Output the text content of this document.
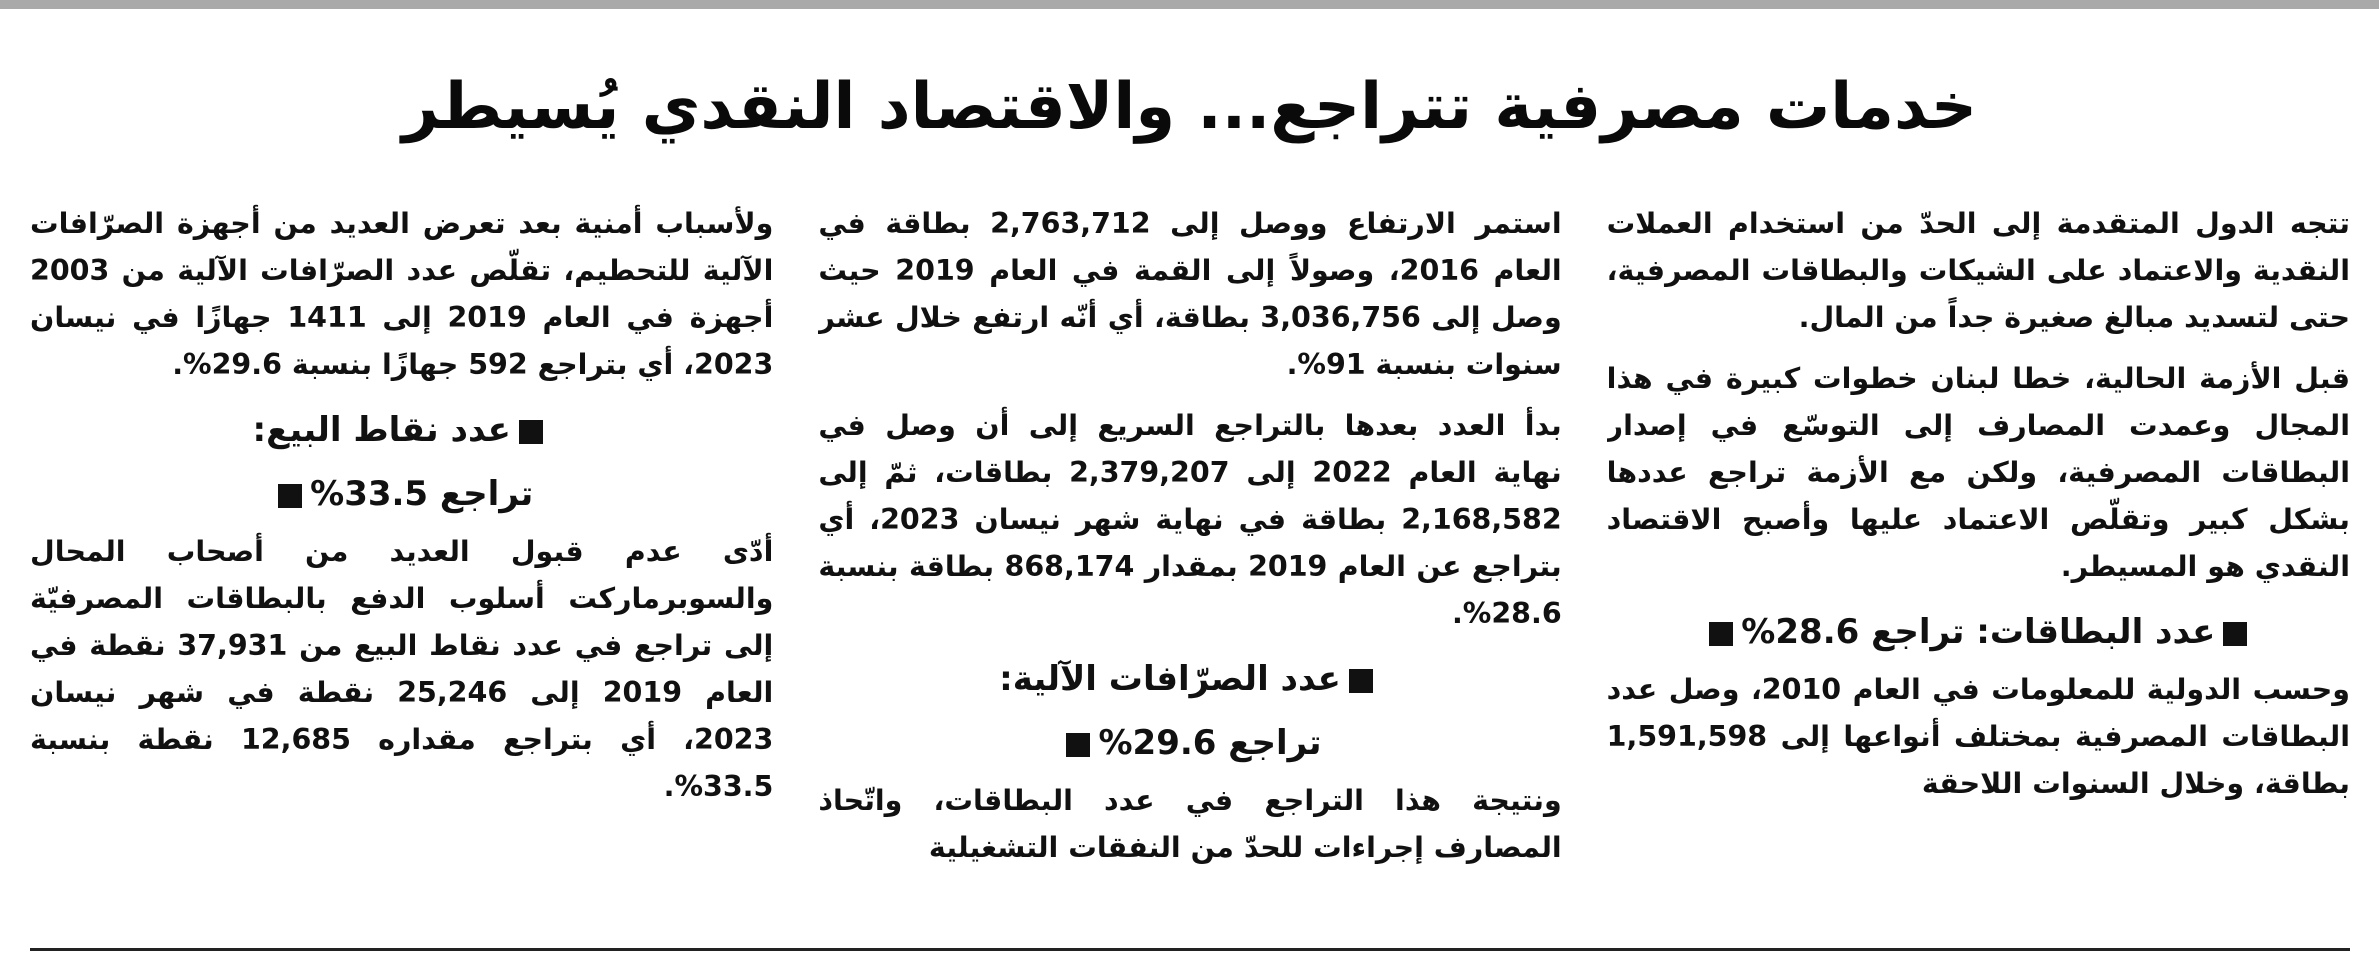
خدمات مصرفية تتراجع... والاقتصاد النقدي يُسيطر

تتجه الدول المتقدمة إلى الحدّ من استخدام العملات النقدية والاعتماد على الشيكات والبطاقات المصرفية، حتى لتسديد مبالغ صغيرة جداً من المال.

قبل الأزمة الحالية، خطا لبنان خطوات كبيرة في هذا المجال وعمدت المصارف إلى التوسّع في إصدار البطاقات المصرفية، ولكن مع الأزمة تراجع عددها بشكل كبير وتقلّص الاعتماد عليها وأصبح الاقتصاد النقدي هو المسيطر.

عدد البطاقات: تراجع 28.6%

وحسب الدولية للمعلومات في العام 2010، وصل عدد البطاقات المصرفية بمختلف أنواعها إلى 1,591,598 بطاقة، وخلال السنوات اللاحقة

استمر الارتفاع ووصل إلى 2,763,712 بطاقة في العام 2016، وصولاً إلى القمة في العام 2019 حيث وصل إلى 3,036,756 بطاقة، أي أنّه ارتفع خلال عشر سنوات بنسبة 91%.

بدأ العدد بعدها بالتراجع السريع إلى أن وصل في نهاية العام 2022 إلى 2,379,207 بطاقات، ثمّ إلى 2,168,582 بطاقة في نهاية شهر نيسان 2023، أي بتراجع عن العام 2019 بمقدار 868,174 بطاقة بنسبة 28.6%.

عدد الصرّافات الآلية:
تراجع 29.6%

ونتيجة هذا التراجع في عدد البطاقات، واتّحاذ المصارف إجراءات للحدّ من النفقات التشغيلية

ولأسباب أمنية بعد تعرض العديد من أجهزة الصرّافات الآلية للتحطيم، تقلّص عدد الصرّافات الآلية من 2003 أجهزة في العام 2019 إلى 1411 جهازًا في نيسان 2023، أي بتراجع 592 جهازًا بنسبة 29.6%.

عدد نقاط البيع:
تراجع 33.5%

أدّى عدم قبول العديد من أصحاب المحال والسوبرماركت أسلوب الدفع بالبطاقات المصرفيّة إلى تراجع في عدد نقاط البيع من 37,931 نقطة في العام 2019 إلى 25,246 نقطة في شهر نيسان 2023، أي بتراجع مقداره 12,685 نقطة بنسبة 33.5%.
